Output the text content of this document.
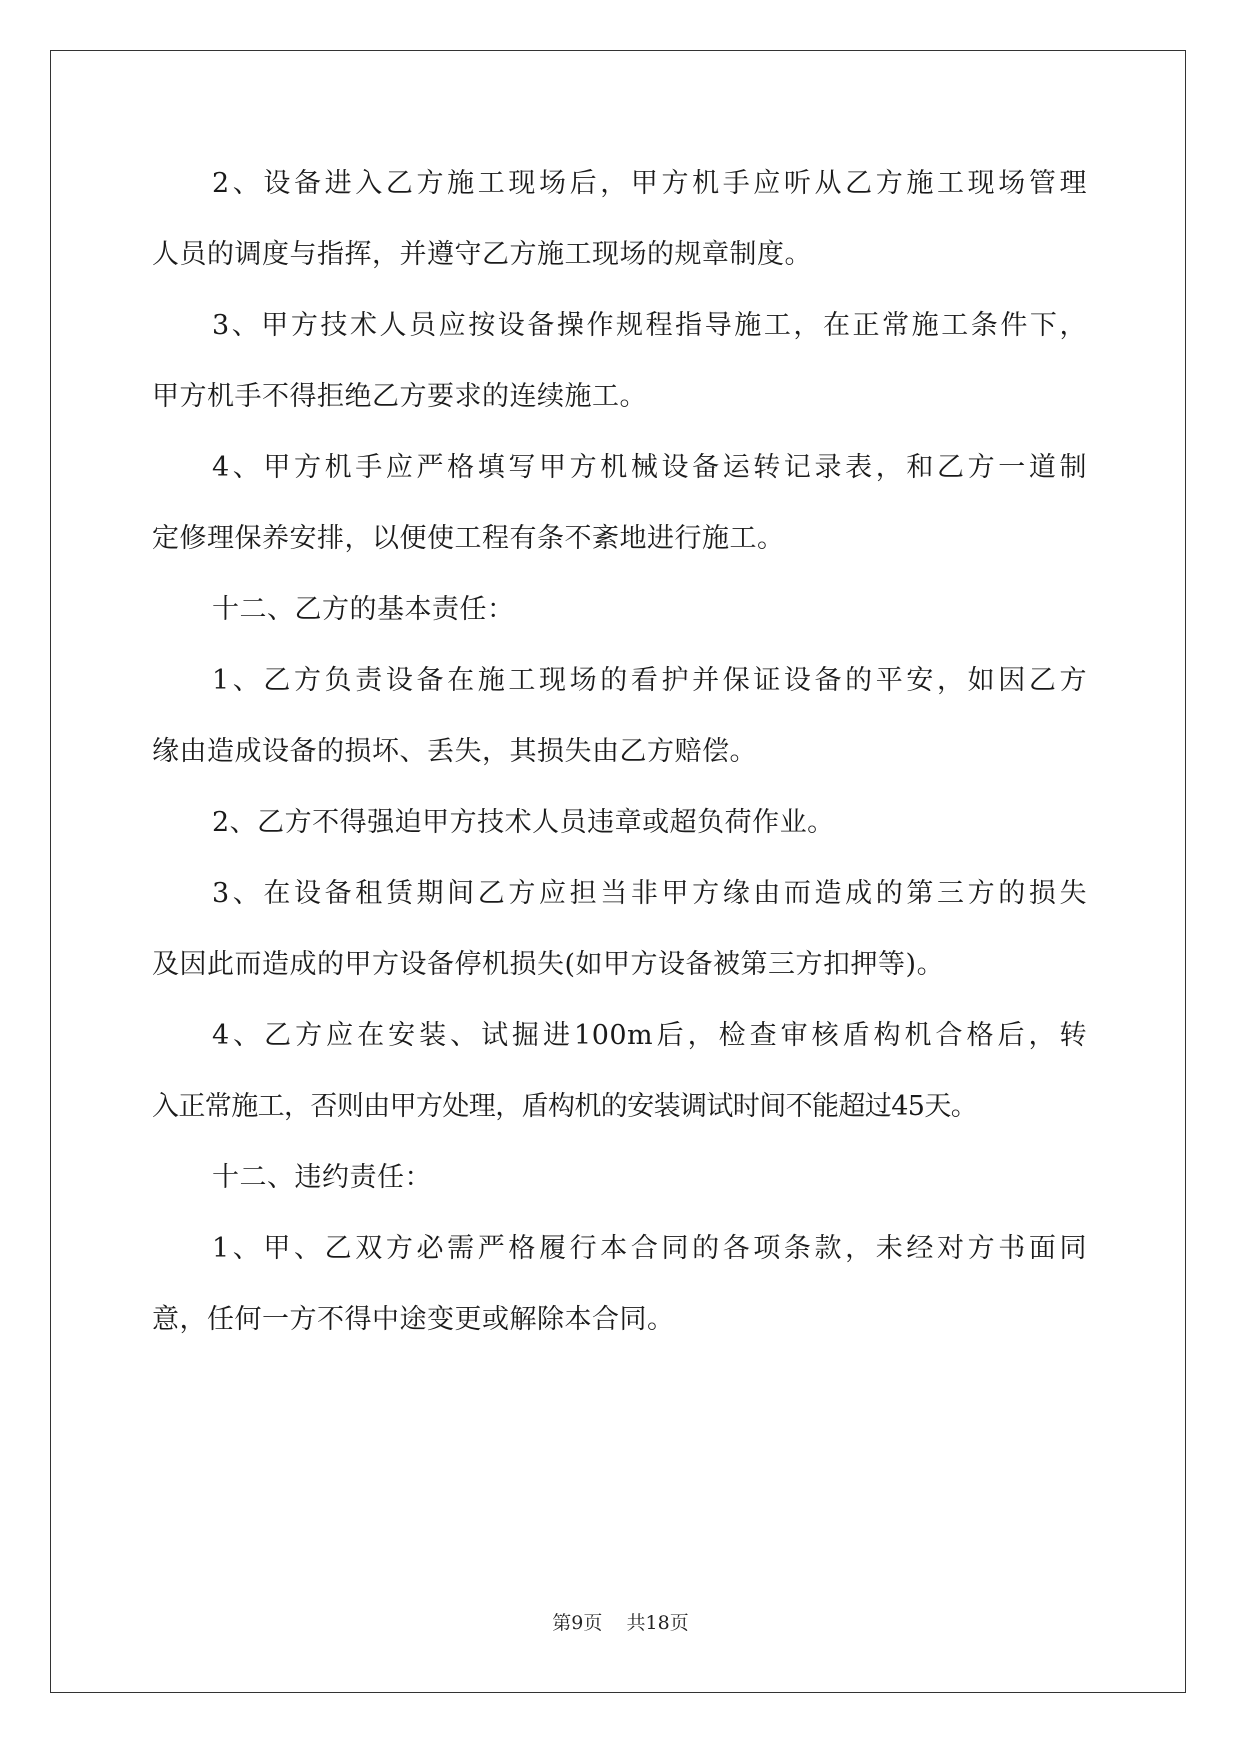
2、设备进入乙方施工现场后，甲方机手应听从乙方施工现场管理
人员的调度与指挥，并遵守乙方施工现场的规章制度。
3、甲方技术人员应按设备操作规程指导施工，在正常施工条件下，
甲方机手不得拒绝乙方要求的连续施工。
4、甲方机手应严格填写甲方机械设备运转记录表，和乙方一道制
定修理保养安排，以便使工程有条不紊地进行施工。
十二、乙方的基本责任：
1、乙方负责设备在施工现场的看护并保证设备的平安，如因乙方
缘由造成设备的损坏、丢失，其损失由乙方赔偿。
2、乙方不得强迫甲方技术人员违章或超负荷作业。
3、在设备租赁期间乙方应担当非甲方缘由而造成的第三方的损失
及因此而造成的甲方设备停机损失(如甲方设备被第三方扣押等)。
4、乙方应在安装、试掘进100m后，检查审核盾构机合格后，转
入正常施工，否则由甲方处理，盾构机的安装调试时间不能超过45天。
十二、违约责任：
1、甲、乙双方必需严格履行本合同的各项条款，未经对方书面同
意，任何一方不得中途变更或解除本合同。
第9页 共18页
